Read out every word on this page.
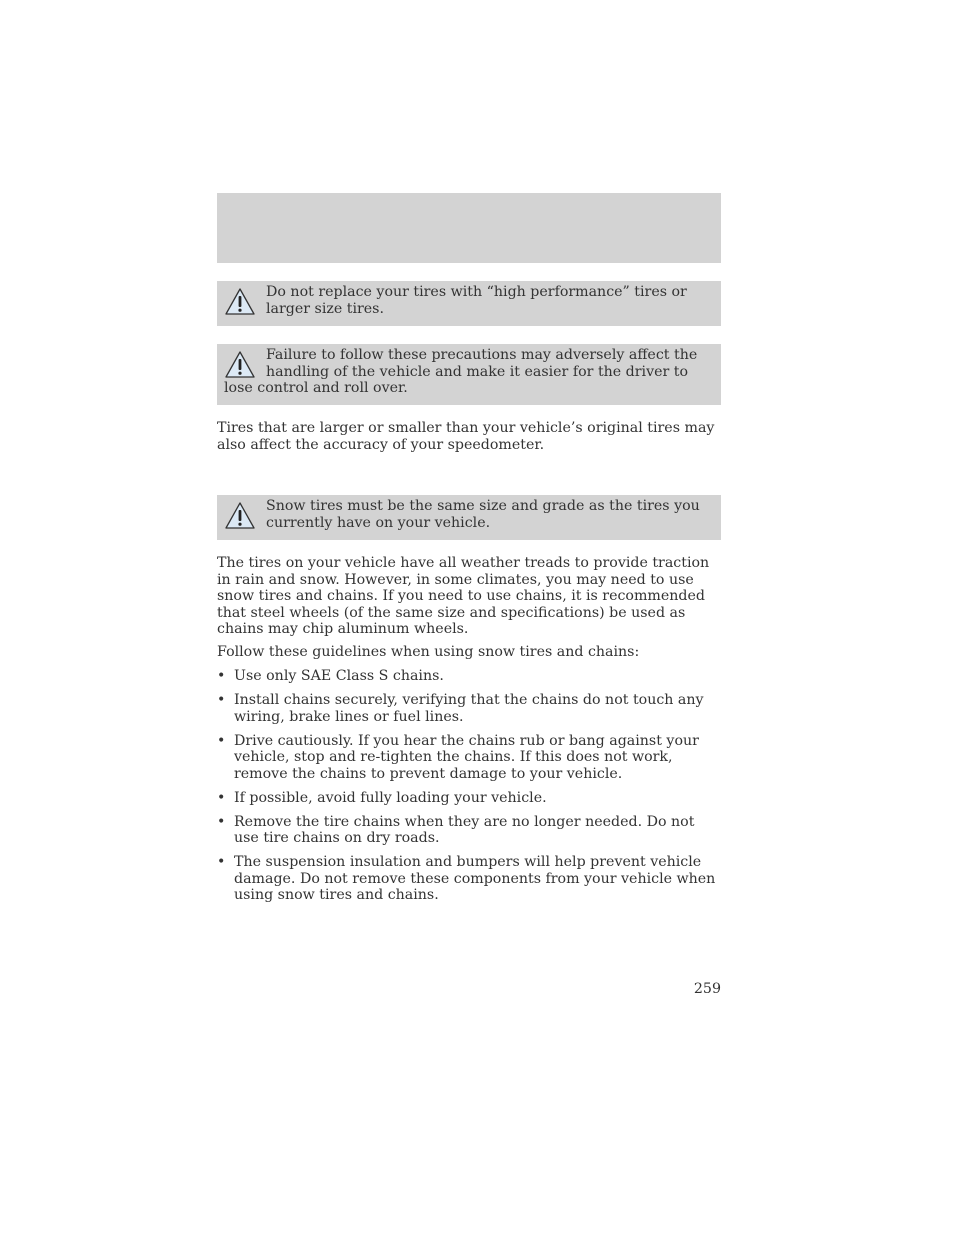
Do not replace your tires with “high performance” tires or larger size tires.
Failure to follow these precautions may adversely affect the handling of the vehicle and make it easier for the driver to lose control and roll over.

Tires that are larger or smaller than your vehicle’s original tires may also affect the accuracy of your speedometer.

Snow tires must be the same size and grade as the tires you currently have on your vehicle.

The tires on your vehicle have all weather treads to provide traction in rain and snow. However, in some climates, you may need to use snow tires and chains. If you need to use chains, it is recommended that steel wheels (of the same size and specifications) be used as chains may chip aluminum wheels.

Follow these guidelines when using snow tires and chains:

• Use only SAE Class S chains.
• Install chains securely, verifying that the chains do not touch any wiring, brake lines or fuel lines.
• Drive cautiously. If you hear the chains rub or bang against your vehicle, stop and re-tighten the chains. If this does not work, remove the chains to prevent damage to your vehicle.
• If possible, avoid fully loading your vehicle.
• Remove the tire chains when they are no longer needed. Do not use tire chains on dry roads.
• The suspension insulation and bumpers will help prevent vehicle damage. Do not remove these components from your vehicle when using snow tires and chains.
259
